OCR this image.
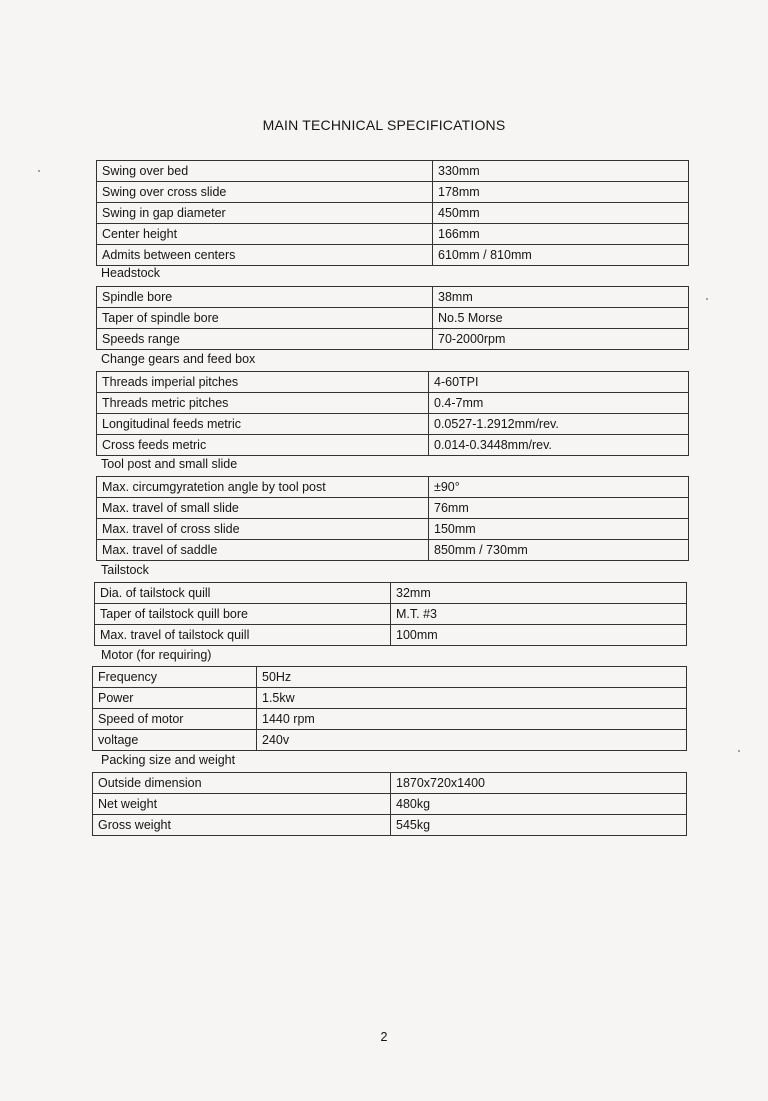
MAIN TECHNICAL SPECIFICATIONS
Swing over bed	330mm
Swing over cross slide	178mm
Swing in gap diameter	450mm
Center height	166mm
Admits between centers	610mm / 810mm
Headstock
Spindle bore	38mm
Taper of spindle bore	No.5 Morse
Speeds range	70-2000rpm
Change gears and feed box
Threads imperial pitches	4-60TPI
Threads metric pitches	0.4-7mm
Longitudinal feeds metric	0.0527-1.2912mm/rev.
Cross feeds metric	0.014-0.3448mm/rev.
Tool post and small slide
Max. circumgyratetion angle by tool post	±90°
Max. travel of small slide	76mm
Max. travel of cross slide	150mm
Max. travel of saddle	850mm / 730mm
Tailstock
Dia. of tailstock quill	32mm
Taper of tailstock quill bore	M.T. #3
Max. travel of tailstock quill	100mm
Motor (for requiring)
Frequency	50Hz
Power	1.5kw
Speed of motor	1440 rpm
voltage	240v
Packing size and weight
Outside dimension	1870x720x1400
Net weight	480kg
Gross weight	545kg
2
